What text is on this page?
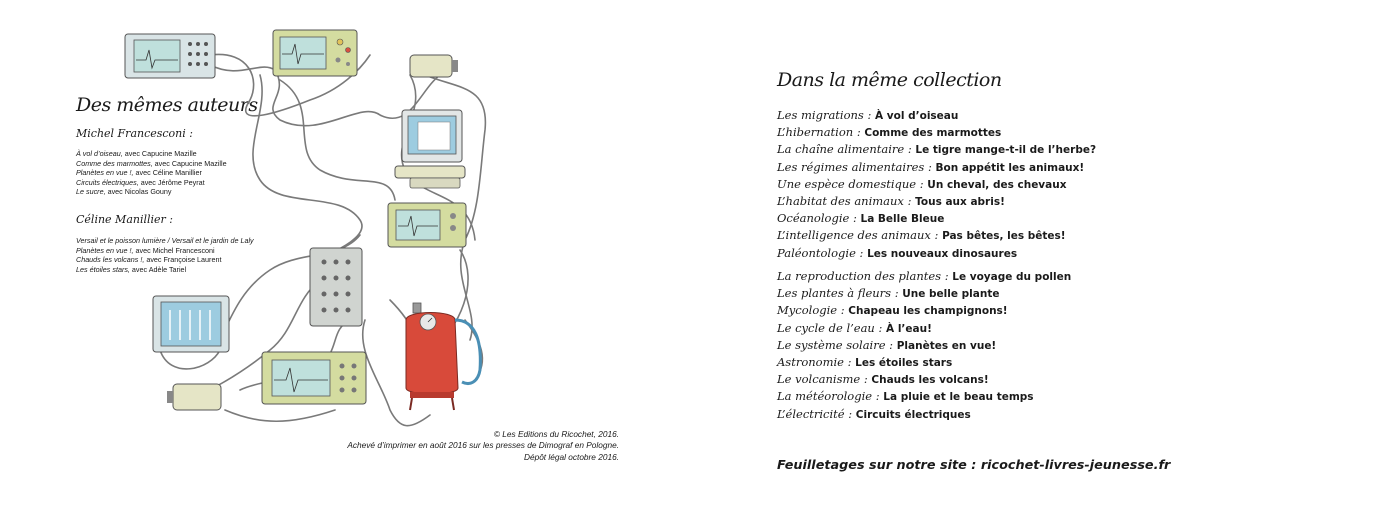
Des mêmes auteurs
Michel Francesconi :
À vol d’oiseau, avec Capucine Mazille
Comme des marmottes, avec Capucine Mazille
Planètes en vue !, avec Céline Manillier
Circuits électriques, avec Jérôme Peyrat
Le sucre, avec Nicolas Gouny
Céline Manillier :
Versail et le poisson lumière / Versail et le jardin de Laly
Planètes en vue !, avec Michel Francesconi
Chauds les volcans !, avec Françoise Laurent
Les étoiles stars, avec Adèle Tariel
© Les Editions du Ricochet, 2016.
Achevé d’imprimer en août 2016 sur les presses de Dimograf en Pologne.
Dépôt légal octobre 2016.
Dans la même collection
Les migrations : À vol d’oiseau
L’hibernation : Comme des marmottes
La chaîne alimentaire : Le tigre mange-t-il de l’herbe?
Les régimes alimentaires : Bon appétit les animaux!
Une espèce domestique : Un cheval, des chevaux
L’habitat des animaux : Tous aux abris!
Océanologie : La Belle Bleue
L’intelligence des animaux : Pas bêtes, les bêtes!
Paléontologie : Les nouveaux dinosaures
La reproduction des plantes : Le voyage du pollen
Les plantes à fleurs : Une belle plante
Mycologie : Chapeau les champignons!
Le cycle de l’eau : À l’eau!
Le système solaire : Planètes en vue!
Astronomie : Les étoiles stars
Le volcanisme : Chauds les volcans!
La météorologie : La pluie et le beau temps
L’électricité : Circuits électriques
Feuilletages sur notre site : ricochet-livres-jeunesse.fr
